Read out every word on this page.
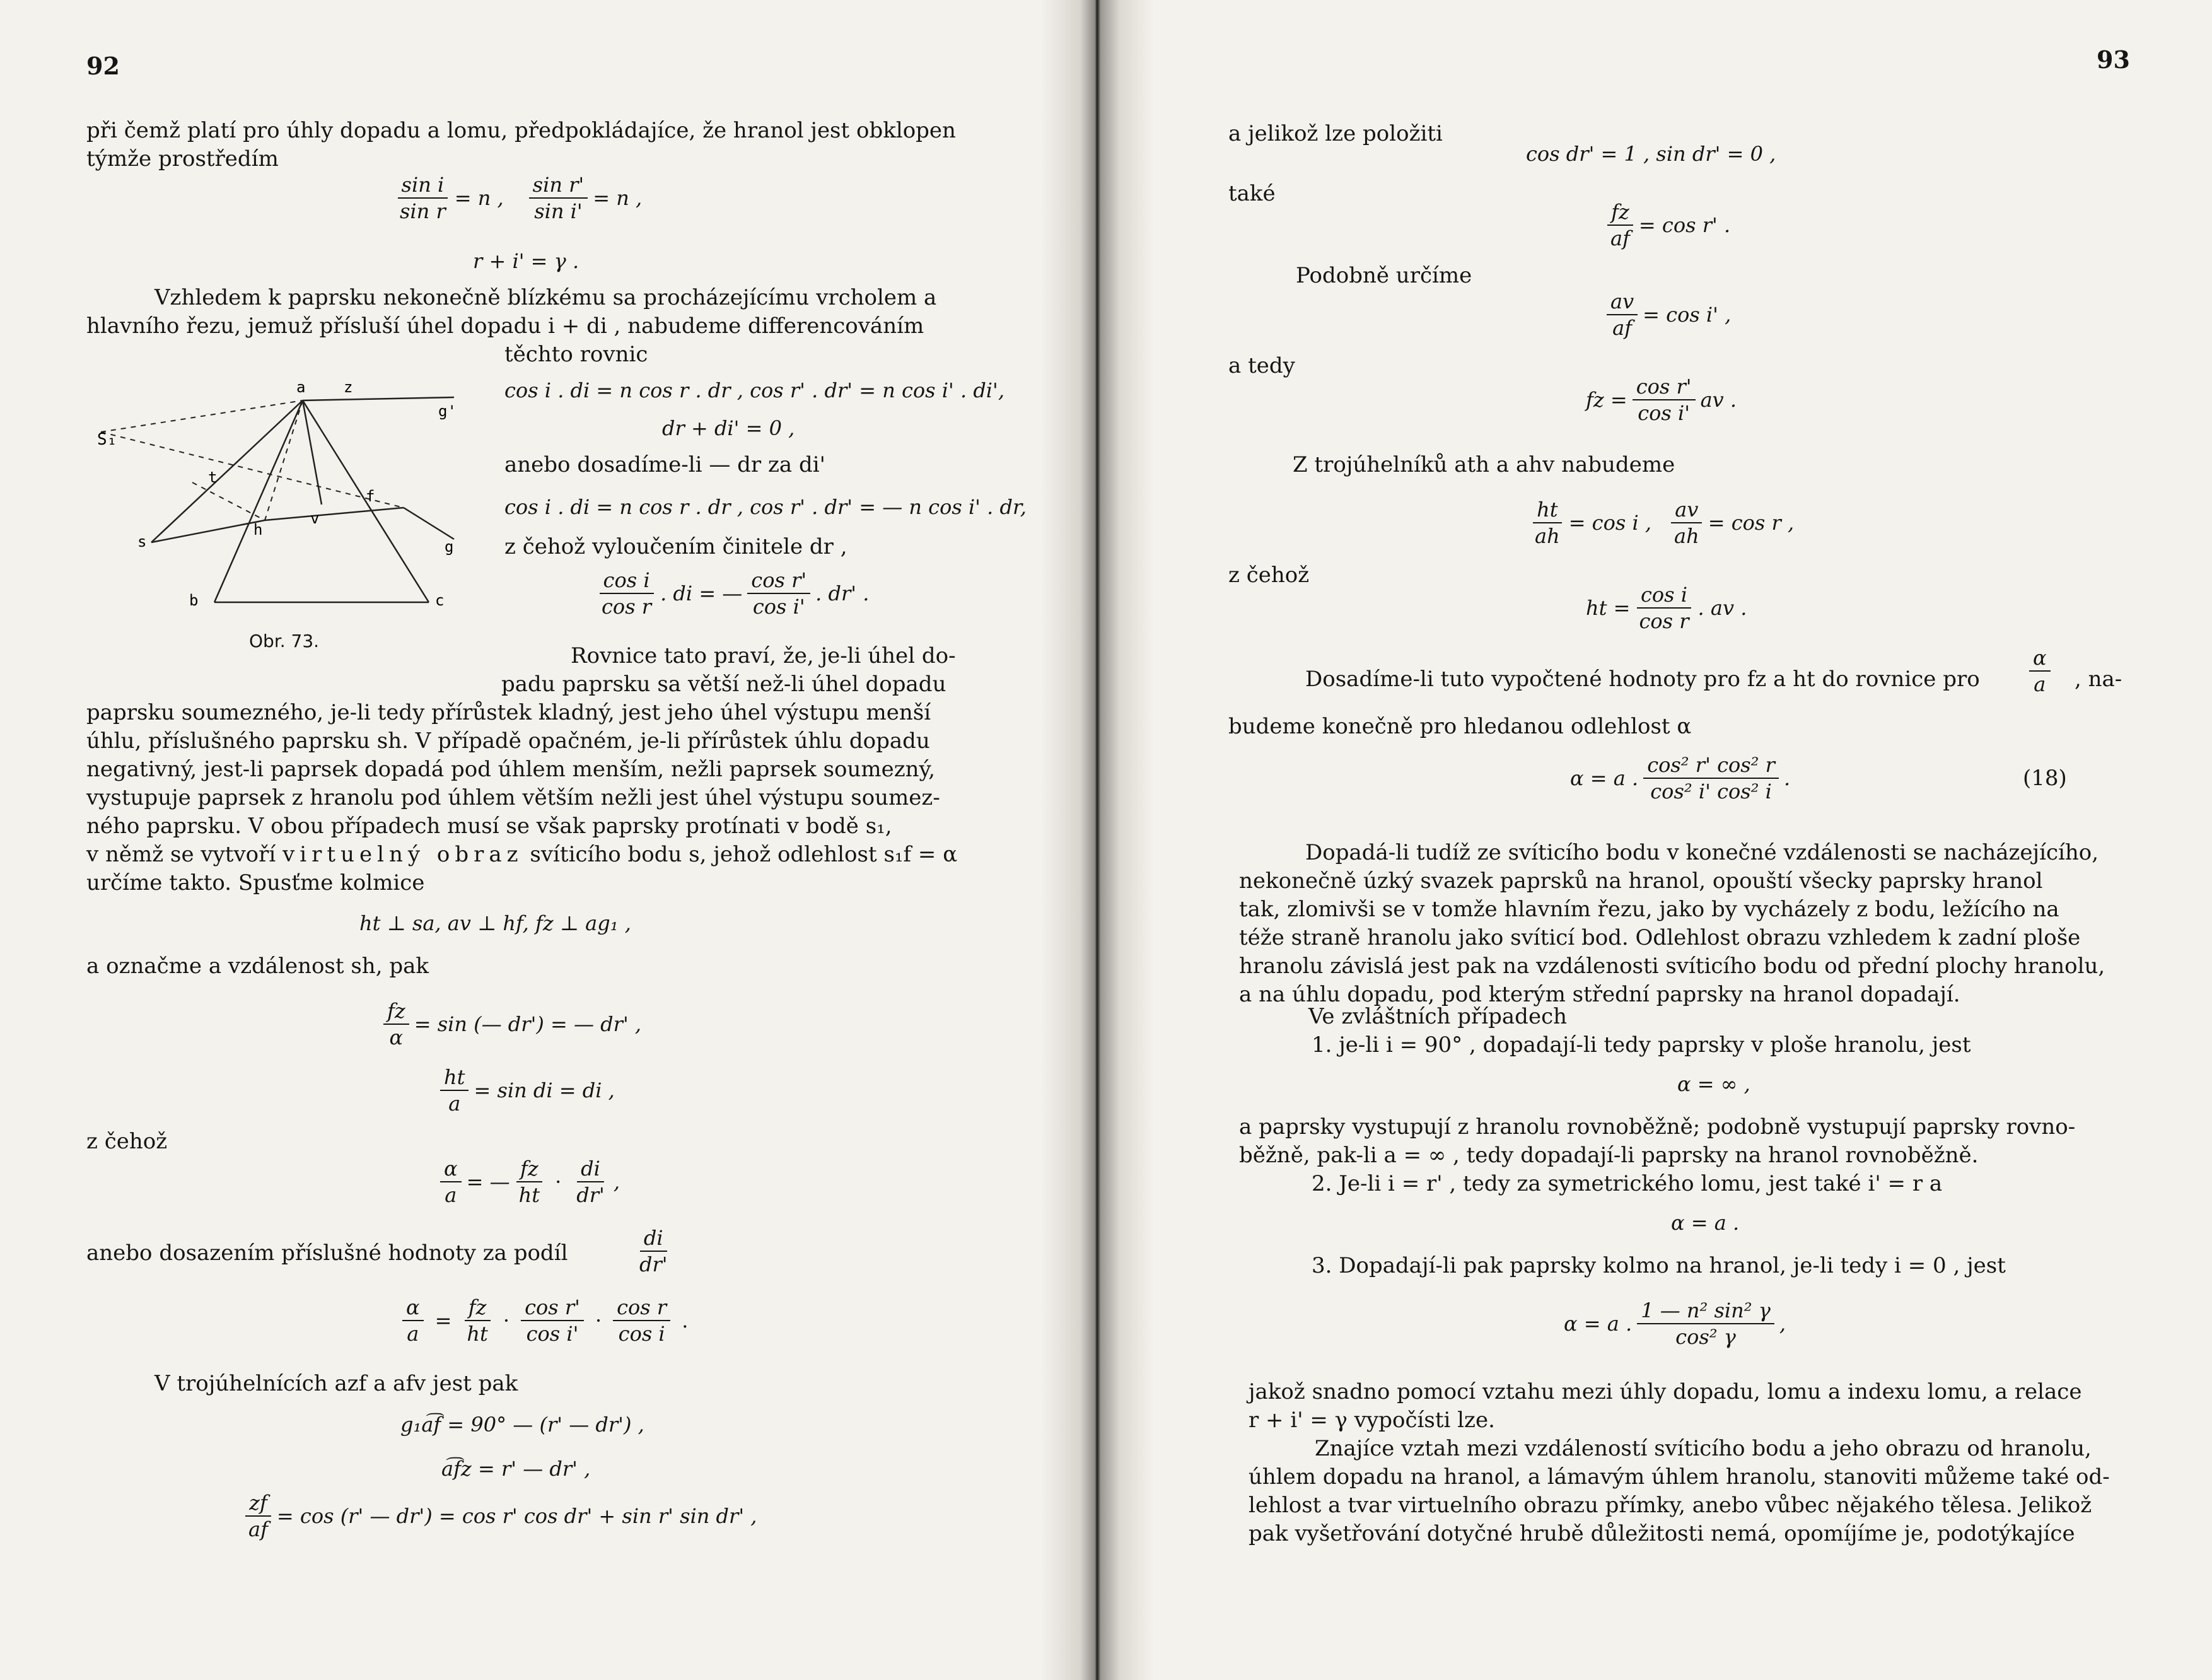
92
při čemž platí pro úhly dopadu a lomu, předpokládajíce, že hranol jest obklopen
týmže prostředím
$\frac{\text{sin i}}{\text{sin r}} = n$ , $\frac{\text{sin r'}}{\text{sin i'}} = n$ ,
r + i' = γ .
Vzhledem k paprsku nekonečně blízkému sa procházejícímu vrcholem a
hlavního řezu, jemuž přísluší úhel dopadu i + di , nabudeme differencováním
těchto rovnic
a	z
g'
S₁
t
f
h
v
s	g
b	c
Obr. 73.
cos i . di = n cos r . dr , cos r' . dr' = n cos i' . di',
dr + di' = 0 ,
anebo dosadíme-li — dr za di'
cos i . di = n cos r . dr , cos r' . dr' = — n cos i' . dr,
z čehož vyloučením činitele dr ,
$\frac{\text{cos i}}{\text{cos r}}$ . di = — $\frac{\text{cos r'}}{\text{cos i'}}$ . dr' .
Rovnice tato praví, že, je-li úhel do-
padu paprsku sa větší než-li úhel dopadu
paprsku soumezného, je-li tedy přírůstek kladný, jest jeho úhel výstupu menší
úhlu, příslušného paprsku sh. V případě opačném, je-li přírůstek úhlu dopadu
negativný, jest-li paprsek dopadá pod úhlem menším, nežli paprsek soumezný,
vystupuje paprsek z hranolu pod úhlem větším nežli jest úhel výstupu soumez-
ného paprsku. V obou případech musí se však paprsky protínati v bodě s₁,
v němž se vytvoří virtuelný obraz svíticího bodu s, jehož odlehlost s₁f = α
určíme takto. Spusťme kolmice
ht ⊥ sa, av ⊥ hf, fz ⊥ ag₁ ,
a označme a vzdálenost sh, pak
$\frac{fz}{\alpha} = \sin$ (— dr') = — dr' ,
$\frac{ht}{a} = \sin$ di = di ,
z čehož
$\frac{\alpha}{a}$ = — $\frac{fz}{ht} \cdot \frac{di}{dr'}$ ,
anebo dosazením příslušné hodnoty za podíl	$\frac{di}{dr'}$
$\frac{\alpha}{a} = \frac{fz}{ht} \cdot \frac{\text{cos r'}}{\text{cos i'}} \cdot \frac{\text{cos r}}{\text{cos i}}$ .
V trojúhelnících azf a afv jest pak
g₁a͡f = 90° — (r' — dr') ,
a͡fz = r' — dr' ,
$\frac{zf}{af} = \cos (r'$ — dr') = cos r' cos dr' + sin r' sin dr' ,
93
a jelikož lze položiti
cos dr' = 1 , sin dr' = 0 ,
také
$\frac{fz}{af} = \cos r'$ .
Podobně určíme
$\frac{av}{af} = \cos i'$ ,
a tedy
fz = $\frac{\text{cos r'}}{\text{cos i'}}$ av .
Z trojúhelníků ath a ahv nabudeme
$\frac{ht}{ah} = \cos i$ , $\frac{av}{ah} = \cos r$ ,
z čehož
ht = $\frac{\text{cos i}}{\text{cos r}}$ . av .
Dosadíme-li tuto vypočtené hodnoty pro fz a ht do rovnice pro $\frac{\alpha}{a}$ , na-
budeme konečně pro hledanou odlehlost α
α = a . $\frac{\text{cos² r' cos² r}}{\text{cos² i' cos² i}}$ .	(18)
Dopadá-li tudíž ze svíticího bodu v konečné vzdálenosti se nacházejícího,
nekonečně úzký svazek paprsků na hranol, opouští všecky paprsky hranol
tak, zlomivši se v tomže hlavním řezu, jako by vycházely z bodu, ležícího na
téže straně hranolu jako svíticí bod. Odlehlost obrazu vzhledem k zadní ploše
hranolu závislá jest pak na vzdálenosti svíticího bodu od přední plochy hranolu,
a na úhlu dopadu, pod kterým střední paprsky na hranol dopadají.
Ve zvláštních případech
1. je-li i = 90° , dopadají-li tedy paprsky v ploše hranolu, jest
α = ∞ ,
a paprsky vystupují z hranolu rovnoběžně; podobně vystupují paprsky rovno-
běžně, pak-li a = ∞ , tedy dopadají-li paprsky na hranol rovnoběžně.
2. Je-li i = r' , tedy za symetrického lomu, jest také i' = r a
α = a .
3. Dopadají-li pak paprsky kolmo na hranol, je-li tedy i = 0 , jest
α = a . $\frac{\text{1 — n² sin² γ}}{\text{cos² γ}}$ ,
jakož snadno pomocí vztahu mezi úhly dopadu, lomu a indexu lomu, a relace
r + i' = γ vypočísti lze.
Znajíce vztah mezi vzdáleností svíticího bodu a jeho obrazu od hranolu,
úhlem dopadu na hranol, a lámavým úhlem hranolu, stanoviti můžeme také od-
lehlost a tvar virtuelního obrazu přímky, anebo vůbec nějakého tělesa. Jelikož
pak vyšetřování dotyčné hrubě důležitosti nemá, opomíjíme je, podotýkajíce
